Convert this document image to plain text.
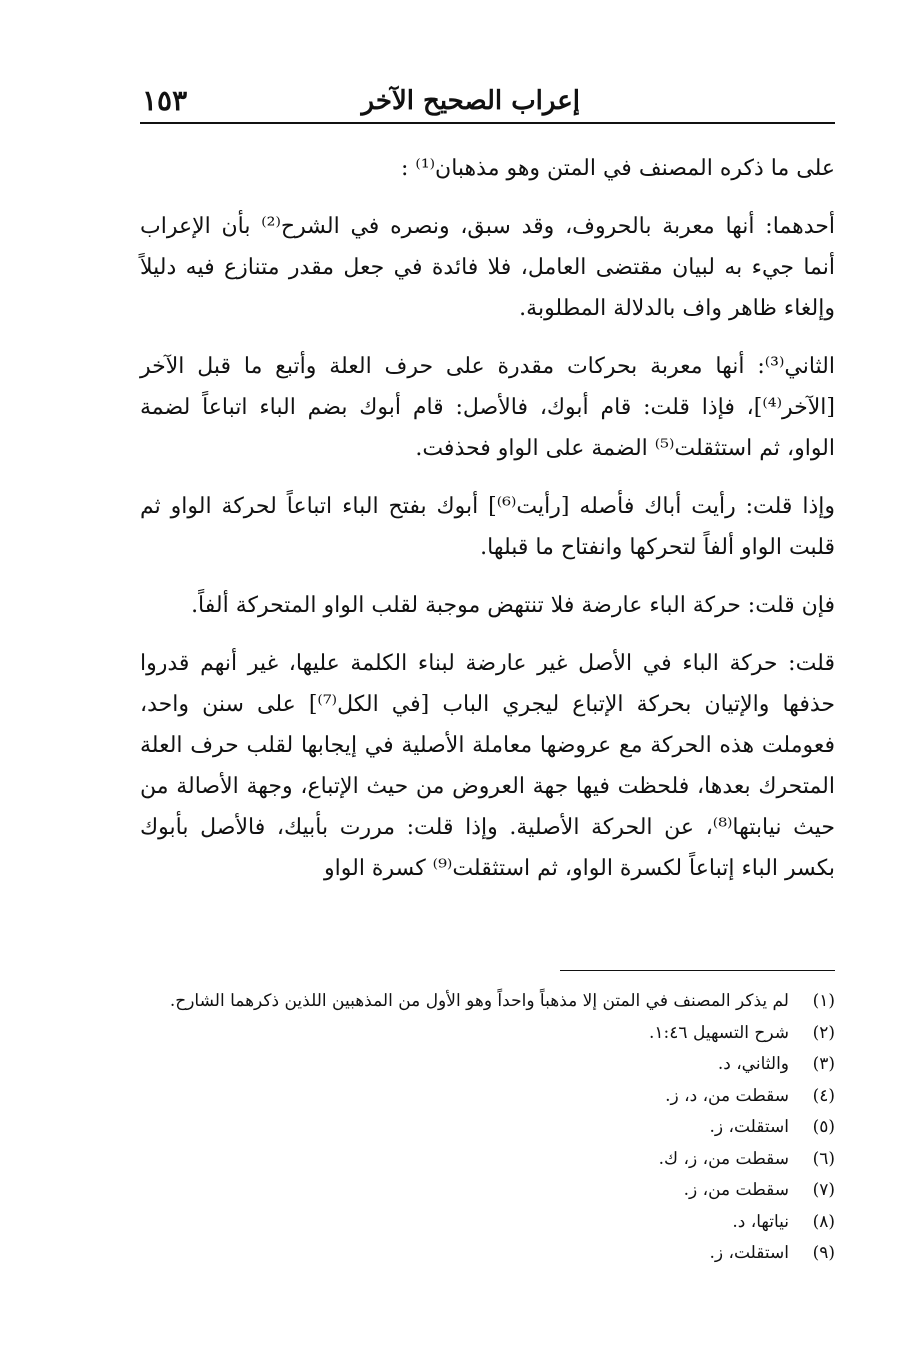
إعراب الصحيح الآخر
١٥٣

على ما ذكره المصنف في المتن وهو مذهبان⁽¹⁾ :

أحدهما: أنها معربة بالحروف، وقد سبق، ونصره في الشرح⁽²⁾ بأن الإعراب أنما جيء به لبيان مقتضى العامل، فلا فائدة في جعل مقدر متنازع فيه دليلاً وإلغاء ظاهر واف بالدلالة المطلوبة.

الثاني⁽³⁾: أنها معربة بحركات مقدرة على حرف العلة وأتبع ما قبل الآخر [الآخر⁽⁴⁾]، فإذا قلت: قام أبوك، فالأصل: قام أبوك بضم الباء اتباعاً لضمة الواو، ثم استثقلت⁽⁵⁾ الضمة على الواو فحذفت.

وإذا قلت: رأيت أباك فأصله [رأيت⁽⁶⁾] أبوك بفتح الباء اتباعاً لحركة الواو ثم قلبت الواو ألفاً لتحركها وانفتاح ما قبلها.

فإن قلت: حركة الباء عارضة فلا تنتهض موجبة لقلب الواو المتحركة ألفاً.

قلت: حركة الباء في الأصل غير عارضة لبناء الكلمة عليها، غير أنهم قدروا حذفها والإتيان بحركة الإتباع ليجري الباب [في الكل⁽⁷⁾] على سنن واحد، فعوملت هذه الحركة مع عروضها معاملة الأصلية في إيجابها لقلب حرف العلة المتحرك بعدها، فلحظت فيها جهة العروض من حيث الإتباع، وجهة الأصالة من حيث نيابتها⁽⁸⁾، عن الحركة الأصلية. وإذا قلت: مررت بأبيك، فالأصل بأبوك بكسر الباء إتباعاً لكسرة الواو، ثم استثقلت⁽⁹⁾ كسرة الواو

(١)لم يذكر المصنف في المتن إلا مذهباً واحداً وهو الأول من المذهبين اللذين ذكرهما الشارح.
(٢)شرح التسهيل ١:٤٦.
(٣)والثاني، د.
(٤)سقطت من، د، ز.
(٥)استقلت، ز.
(٦)سقطت من، ز، ك.
(٧)سقطت من، ز.
(٨)نياتها، د.
(٩)استقلت، ز.
